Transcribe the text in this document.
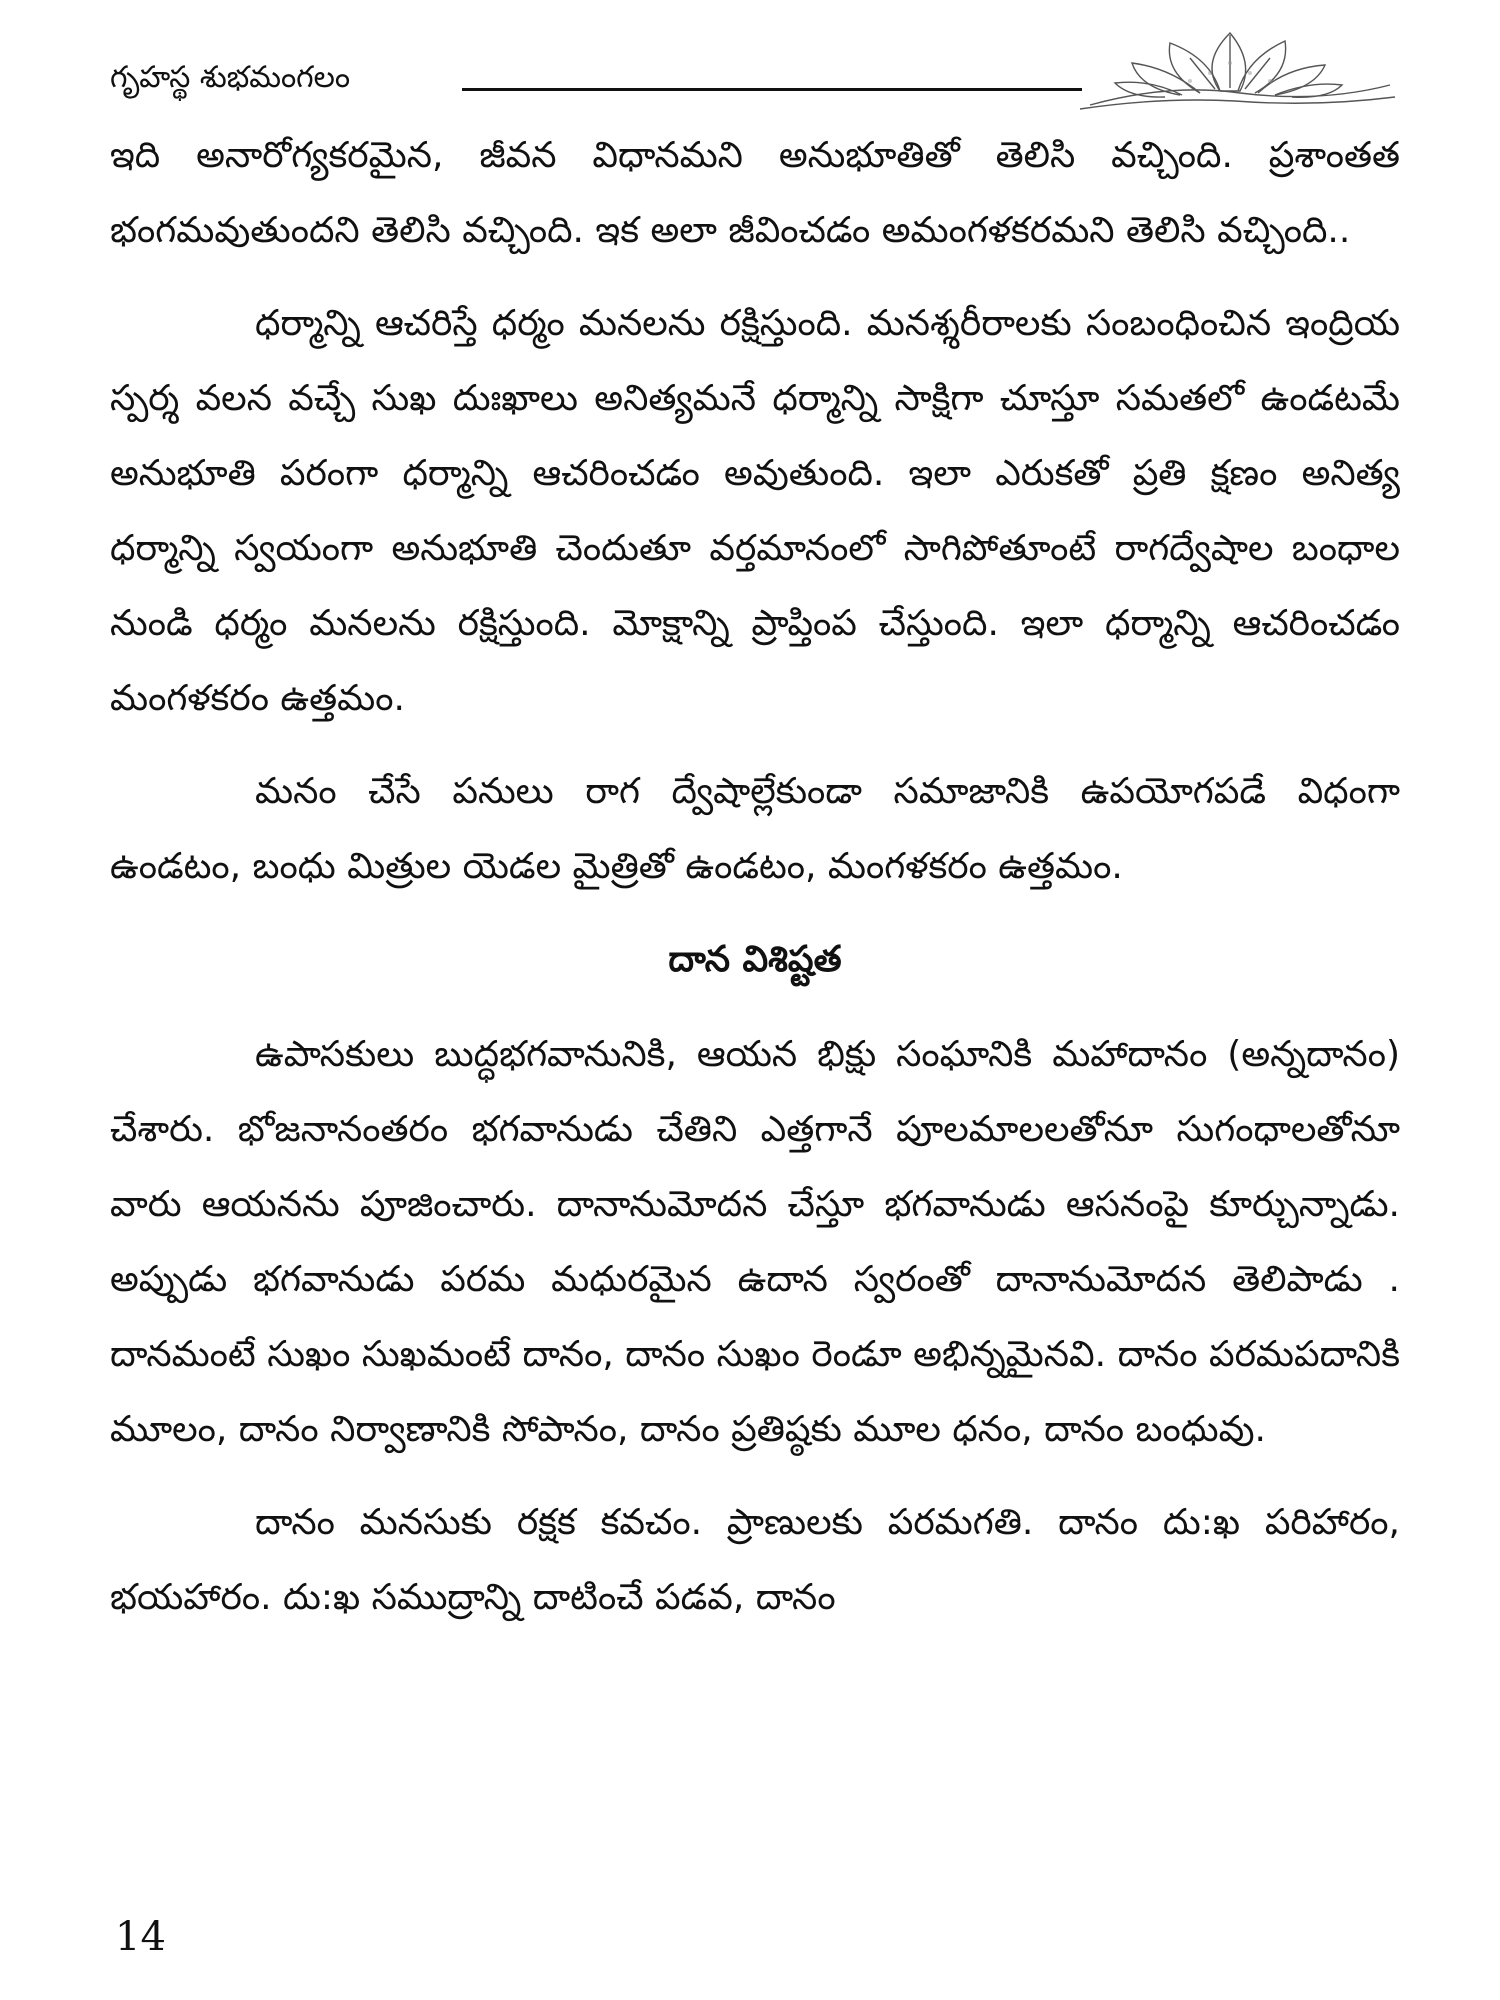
గృహస్థ శుభమంగలం

ఇది అనారోగ్యకరమైన, జీవన విధానమని అనుభూతితో తెలిసి వచ్చింది. ప్రశాంతత భంగమవుతుందని తెలిసి వచ్చింది. ఇక అలా జీవించడం అమంగళకరమని తెలిసి వచ్చింది..

ధర్మాన్ని ఆచరిస్తే ధర్మం మనలను రక్షిస్తుంది. మనశ్శరీరాలకు సంబంధించిన ఇంద్రియ స్పర్శ వలన వచ్చే సుఖ దుఃఖాలు అనిత్యమనే ధర్మాన్ని సాక్షిగా చూస్తూ సమతలో ఉండటమే అనుభూతి పరంగా ధర్మాన్ని ఆచరించడం అవుతుంది. ఇలా ఎరుకతో ప్రతి క్షణం అనిత్య ధర్మాన్ని స్వయంగా అనుభూతి చెందుతూ వర్తమానంలో సాగిపోతూంటే రాగద్వేషాల బంధాల నుండి ధర్మం మనలను రక్షిస్తుంది. మోక్షాన్ని ప్రాప్తింప చేస్తుంది. ఇలా ధర్మాన్ని ఆచరించడం మంగళకరం ఉత్తమం.

మనం చేసే పనులు రాగ ద్వేషాల్లేకుండా సమాజానికి ఉపయోగపడే విధంగా ఉండటం, బంధు మిత్రుల యెడల మైత్రితో ఉండటం, మంగళకరం ఉత్తమం.

దాన విశిష్టత

ఉపాసకులు బుద్ధభగవానునికి, ఆయన భిక్షు సంఘానికి మహాదానం (అన్నదానం) చేశారు. భోజనానంతరం భగవానుడు చేతిని ఎత్తగానే పూలమాలలతోనూ సుగంధాలతోనూ వారు ఆయనను పూజించారు. దానానుమోదన చేస్తూ భగవానుడు ఆసనంపై కూర్చున్నాడు. అప్పుడు భగవానుడు పరమ మధురమైన ఉదాన స్వరంతో దానానుమోదన తెలిపాడు . దానమంటే సుఖం సుఖమంటే దానం, దానం సుఖం రెండూ అభిన్నమైనవి. దానం పరమపదానికి మూలం, దానం నిర్వాణానికి సోపానం, దానం ప్రతిష్ఠకు మూల ధనం, దానం బంధువు.

దానం మనసుకు రక్షక కవచం. ప్రాణులకు పరమగతి. దానం దు:ఖ పరిహారం, భయహారం. దు:ఖ సముద్రాన్ని దాటించే పడవ, దానం

14
